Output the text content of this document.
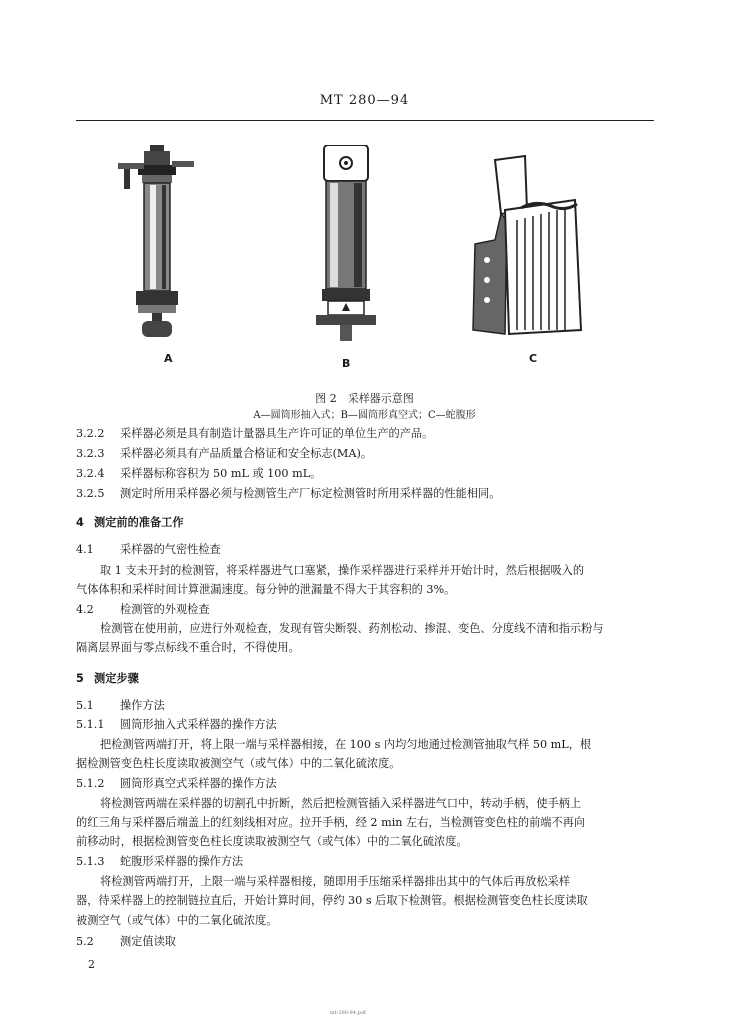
MT 280—94
A	B	C
图 2　采样器示意图
A—圆筒形抽入式；B—圆筒形真空式；C—蛇腹形
3.2.2 采样器必须是具有制造计量器具生产许可证的单位生产的产品。
3.2.3 采样器必须具有产品质量合格证和安全标志(MA)。
3.2.4 采样器标称容积为 50 mL 或 100 mL。
3.2.5 测定时所用采样器必须与检测管生产厂标定检测管时所用采样器的性能相同。
4 测定前的准备工作
4.1 采样器的气密性检查
取 1 支未开封的检测管，将采样器进气口塞紧，操作采样器进行采样并开始计时，然后根据吸入的
气体体积和采样时间计算泄漏速度。每分钟的泄漏量不得大于其容积的 3%。
4.2 检测管的外观检查
检测管在使用前，应进行外观检查，发现有管尖断裂、药剂松动、掺混、变色、分度线不清和指示粉与
隔离层界面与零点标线不重合时，不得使用。
5 测定步骤
5.1 操作方法
5.1.1 圆筒形抽入式采样器的操作方法
把检测管两端打开，将上限一端与采样器相接，在 100 s 内均匀地通过检测管抽取气样 50 mL，根
据检测管变色柱长度读取被测空气（或气体）中的二氧化硫浓度。
5.1.2 圆筒形真空式采样器的操作方法
将检测管两端在采样器的切割孔中折断，然后把检测管插入采样器进气口中，转动手柄，使手柄上
的红三角与采样器后端盖上的红刻线相对应。拉开手柄，经 2 min 左右，当检测管变色柱的前端不再向
前移动时，根据检测管变色柱长度读取被测空气（或气体）中的二氧化硫浓度。
5.1.3 蛇腹形采样器的操作方法
将检测管两端打开，上限一端与采样器相接，随即用手压缩采样器排出其中的气体后再放松采样
器，待采样器上的控制链拉直后，开始计算时间，停约 30 s 后取下检测管。根据检测管变色柱长度读取
被测空气（或气体）中的二氧化硫浓度。
5.2 测定值读取
2
mt-280-94.pdf
